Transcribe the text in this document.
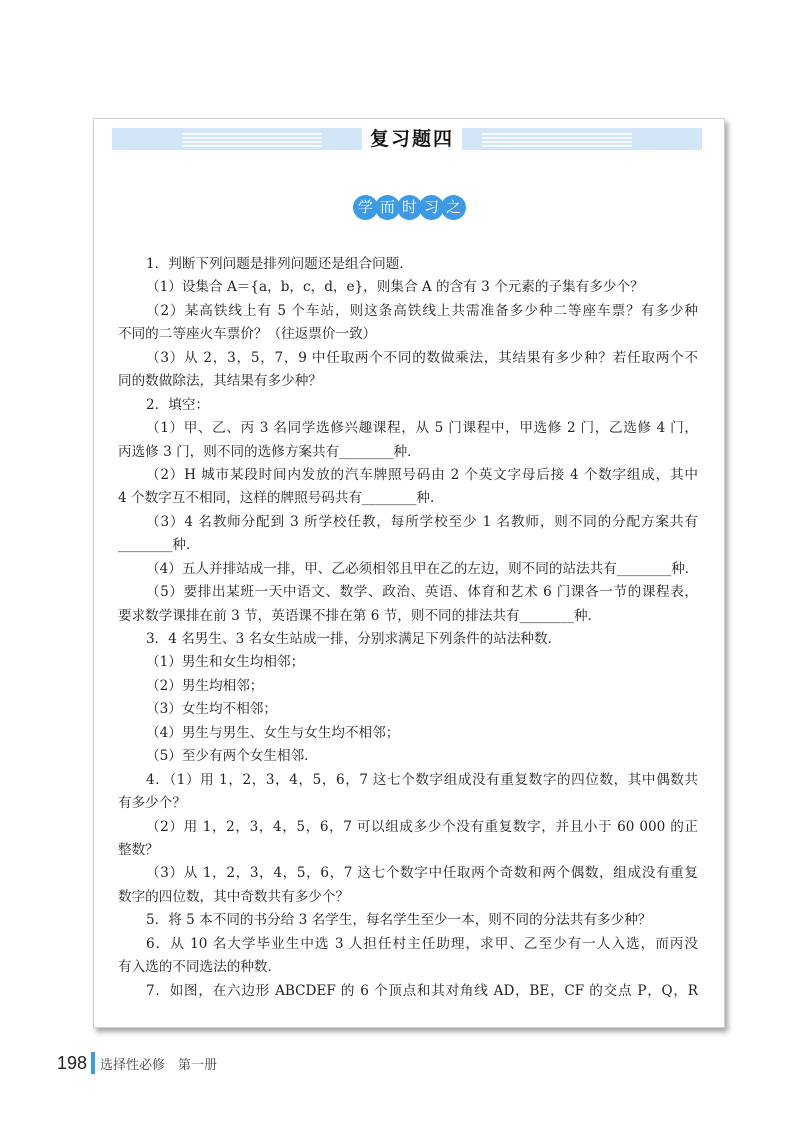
复习题四
学 而 时 习 之
1．判断下列问题是排列问题还是组合问题．
（1）设集合 A＝{a，b，c，d，e}，则集合 A 的含有 3 个元素的子集有多少个？
（2）某高铁线上有 5 个车站，则这条高铁线上共需准备多少种二等座车票？有多少种
不同的二等座火车票价？（往返票价一致）
（3）从 2，3，5，7，9 中任取两个不同的数做乘法，其结果有多少种？若任取两个不
同的数做除法，其结果有多少种？
2．填空：
（1）甲、乙、丙 3 名同学选修兴趣课程，从 5 门课程中，甲选修 2 门，乙选修 4 门，
丙选修 3 门，则不同的选修方案共有________种．
（2）H 城市某段时间内发放的汽车牌照号码由 2 个英文字母后接 4 个数字组成，其中
4 个数字互不相同，这样的牌照号码共有________种．
（3）4 名教师分配到 3 所学校任教，每所学校至少 1 名教师，则不同的分配方案共有
________种．
（4）五人并排站成一排，甲、乙必须相邻且甲在乙的左边，则不同的站法共有________种．
（5）要排出某班一天中语文、数学、政治、英语、体育和艺术 6 门课各一节的课程表，
要求数学课排在前 3 节，英语课不排在第 6 节，则不同的排法共有________种．
3．4 名男生、3 名女生站成一排，分别求满足下列条件的站法种数．
（1）男生和女生均相邻；
（2）男生均相邻；
（3）女生均不相邻；
（4）男生与男生、女生与女生均不相邻；
（5）至少有两个女生相邻．
4．（1）用 1，2，3，4，5，6，7 这七个数字组成没有重复数字的四位数，其中偶数共
有多少个？
（2）用 1，2，3，4，5，6，7 可以组成多少个没有重复数字，并且小于 60 000 的正
整数？
（3）从 1，2，3，4，5，6，7 这七个数字中任取两个奇数和两个偶数，组成没有重复
数字的四位数，其中奇数共有多少个？
5．将 5 本不同的书分给 3 名学生，每名学生至少一本，则不同的分法共有多少种？
6．从 10 名大学毕业生中选 3 人担任村主任助理，求甲、乙至少有一人入选，而丙没
有入选的不同选法的种数．
7．如图，在六边形 ABCDEF 的 6 个顶点和其对角线 AD，BE，CF 的交点 P，Q，R
198 选择性必修　第一册
